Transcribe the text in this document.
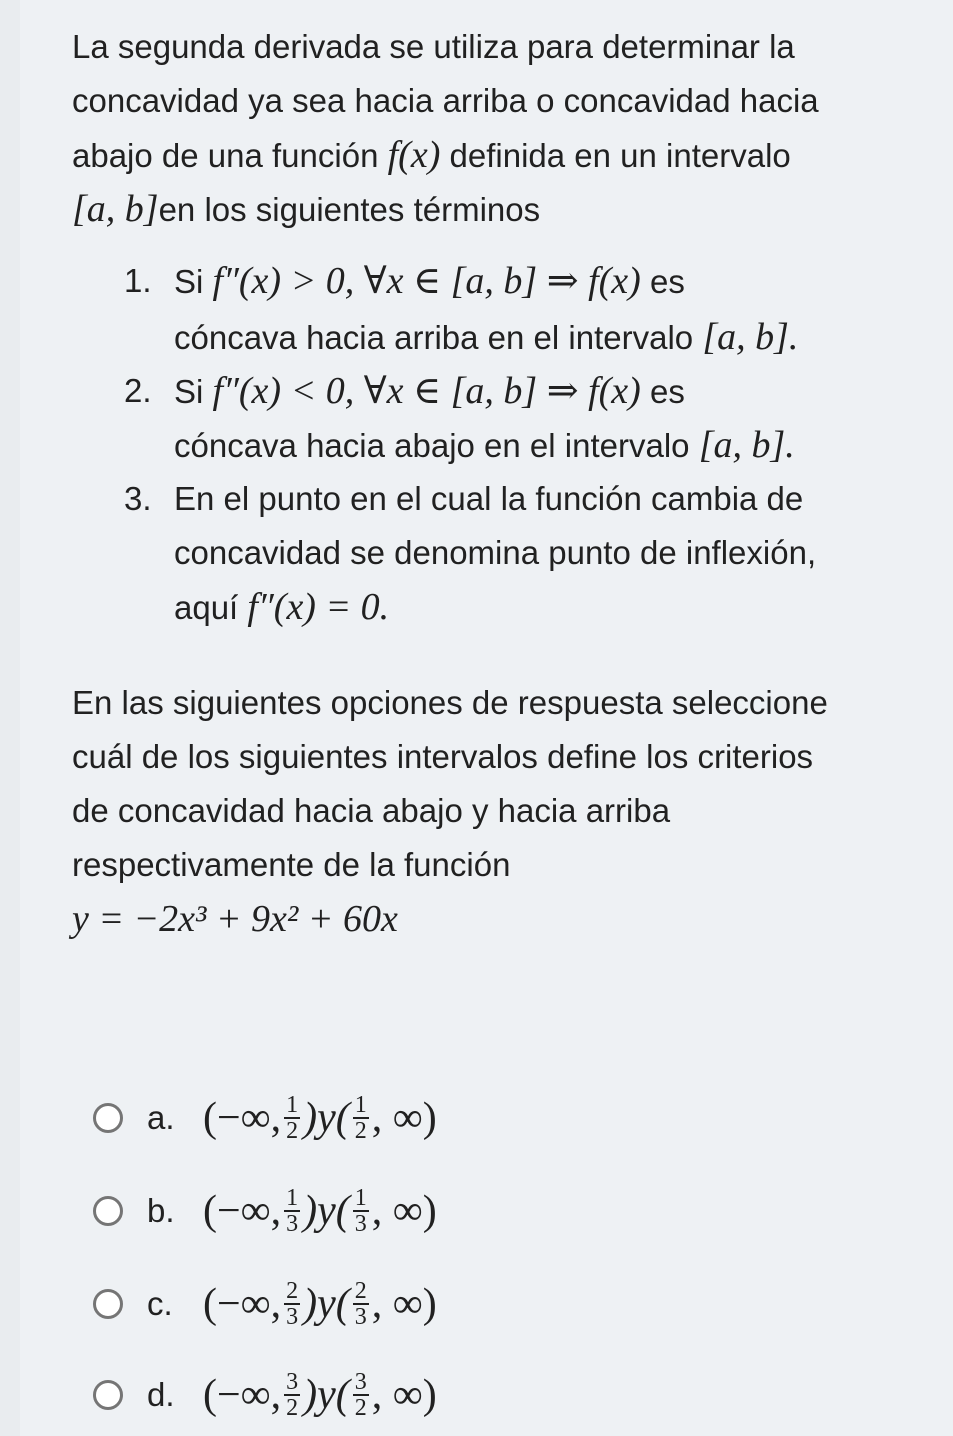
La segunda derivada se utiliza para determinar la
concavidad ya sea hacia arriba o concavidad hacia
abajo de una función f(x) definida en un intervalo
[a, b]en los siguientes términos
1. Si f″(x) > 0, ∀x ∈ [a, b] ⇒ f(x) es
cóncava hacia arriba en el intervalo [a, b].
2. Si f″(x) < 0, ∀x ∈ [a, b] ⇒ f(x) es
cóncava hacia abajo en el intervalo [a, b].
3. En el punto en el cual la función cambia de
concavidad se denomina punto de inflexión,
aquí f″(x) = 0.
En las siguientes opciones de respuesta seleccione
cuál de los siguientes intervalos define los criterios
de concavidad hacia abajo y hacia arriba
respectivamente de la función
y = −2x³ + 9x² + 60x
a. (−∞, $\frac{1}{2} )y( \frac{1}{2}$ , ∞)
b. (−∞, $\frac{1}{3} )y( \frac{1}{3}$ , ∞)
c. (−∞, $\frac{2}{3} )y( \frac{2}{3}$ , ∞)
d. (−∞, $\frac{3}{2} )y( \frac{3}{2}$ , ∞)
